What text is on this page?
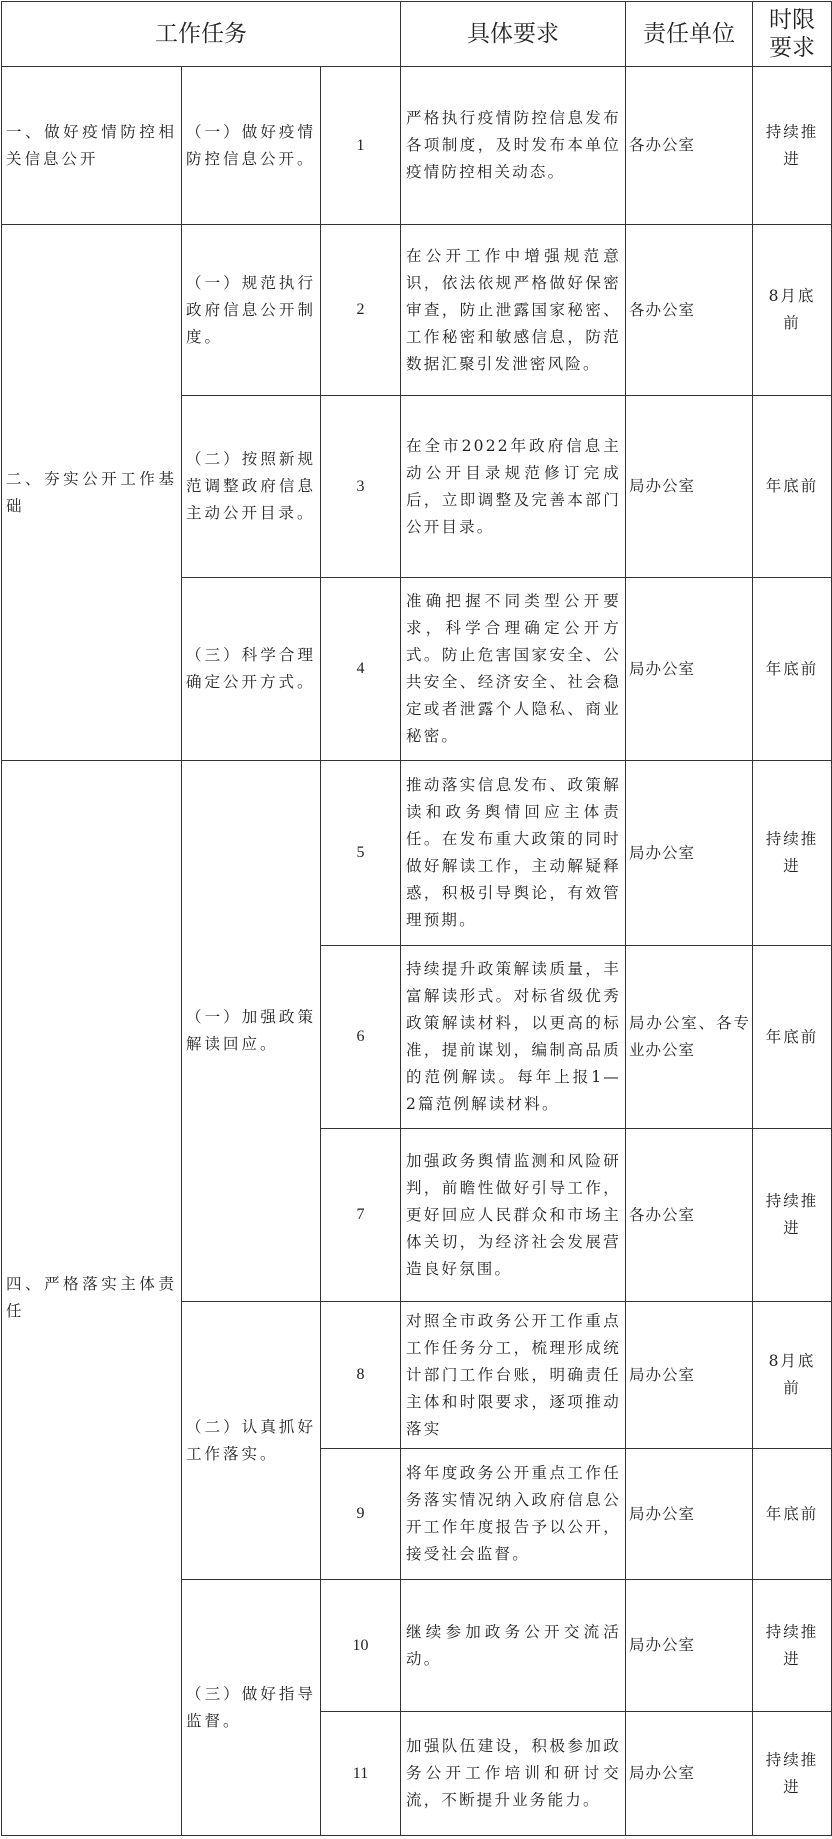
工作任务			具体要求	责任单位	时限
要求
一、做好疫情防控相关信息公开	（一）做好疫情防控信息公开。	1	严格执行疫情防控信息发布各项制度，及时发布本单位疫情防控相关动态。	各办公室	持续推进
二、夯实公开工作基础	（一）规范执行政府信息公开制度。	2	在公开工作中增强规范意识，依法依规严格做好保密审查，防止泄露国家秘密、工作秘密和敏感信息，防范数据汇聚引发泄密风险。	各办公室	8月底前
	（二）按照新规范调整政府信息主动公开目录。	3	在全市2022年政府信息主动公开目录规范修订完成后，立即调整及完善本部门公开目录。	局办公室	年底前
	（三）科学合理确定公开方式。	4	准确把握不同类型公开要求，科学合理确定公开方式。防止危害国家安全、公共安全、经济安全、社会稳定或者泄露个人隐私、商业秘密。	局办公室	年底前
四、严格落实主体责任	（一）加强政策解读回应。	5	推动落实信息发布、政策解读和政务舆情回应主体责任。在发布重大政策的同时做好解读工作，主动解疑释惑，积极引导舆论，有效管理预期。	局办公室	持续推进
		6	持续提升政策解读质量，丰富解读形式。对标省级优秀政策解读材料，以更高的标准，提前谋划，编制高品质的范例解读。每年上报1—2篇范例解读材料。	局办公室、各专业办公室	年底前
		7	加强政务舆情监测和风险研判，前瞻性做好引导工作，更好回应人民群众和市场主体关切，为经济社会发展营造良好氛围。	各办公室	持续推进
	（二）认真抓好工作落实。	8	对照全市政务公开工作重点工作任务分工，梳理形成统计部门工作台账，明确责任主体和时限要求，逐项推动落实	局办公室	8月底前
		9	将年度政务公开重点工作任务落实情况纳入政府信息公开工作年度报告予以公开，接受社会监督。	局办公室	年底前
	（三）做好指导监督。	10	继续参加政务公开交流活动。	局办公室	持续推进
		11	加强队伍建设，积极参加政务公开工作培训和研讨交流，不断提升业务能力。	局办公室	持续推进
